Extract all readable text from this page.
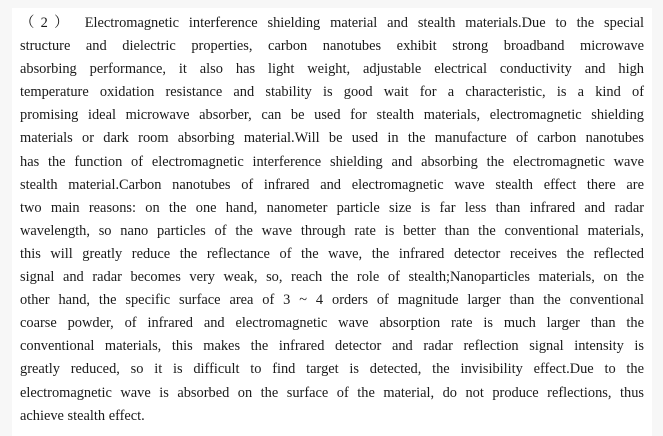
（2） Electromagnetic interference shielding material and stealth materials.Due to the special
structure and dielectric properties, carbon nanotubes exhibit strong broadband microwave
absorbing performance, it also has light weight, adjustable electrical conductivity and high
temperature oxidation resistance and stability is good wait for a characteristic, is a kind of
promising ideal microwave absorber, can be used for stealth materials, electromagnetic shielding
materials or dark room absorbing material.Will be used in the manufacture of carbon nanotubes
has the function of electromagnetic interference shielding and absorbing the electromagnetic wave
stealth material.Carbon nanotubes of infrared and electromagnetic wave stealth effect there are
two main reasons: on the one hand, nanometer particle size is far less than infrared and radar
wavelength, so nano particles of the wave through rate is better than the conventional materials,
this will greatly reduce the reflectance of the wave, the infrared detector receives the reflected
signal and radar becomes very weak, so, reach the role of stealth;Nanoparticles materials, on the
other hand, the specific surface area of 3 ~ 4 orders of magnitude larger than the conventional
coarse powder, of infrared and electromagnetic wave absorption rate is much larger than the
conventional materials, this makes the infrared detector and radar reflection signal intensity is
greatly reduced, so it is difficult to find target is detected, the invisibility effect.Due to the
electromagnetic wave is absorbed on the surface of the material, do not produce reflections, thus
achieve stealth effect.
